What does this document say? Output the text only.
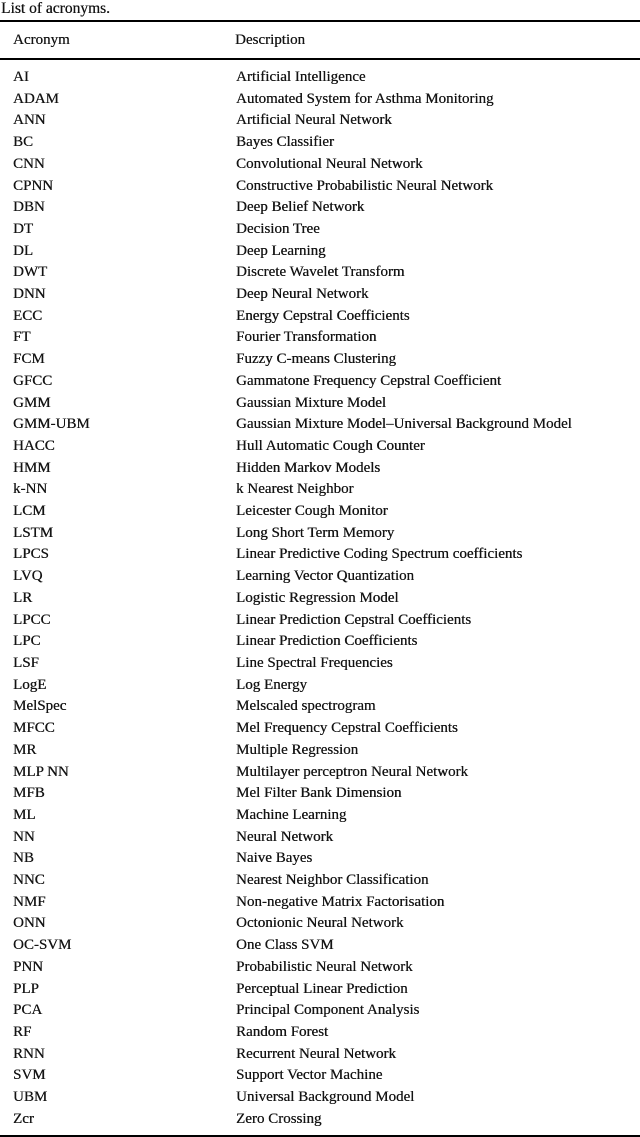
List of acronyms.
Acronym	Description
AI	Artificial Intelligence
ADAM	Automated System for Asthma Monitoring
ANN	Artificial Neural Network
BC	Bayes Classifier
CNN	Convolutional Neural Network
CPNN	Constructive Probabilistic Neural Network
DBN	Deep Belief Network
DT	Decision Tree
DL	Deep Learning
DWT	Discrete Wavelet Transform
DNN	Deep Neural Network
ECC	Energy Cepstral Coefficients
FT	Fourier Transformation
FCM	Fuzzy C-means Clustering
GFCC	Gammatone Frequency Cepstral Coefficient
GMM	Gaussian Mixture Model
GMM-UBM	Gaussian Mixture Model–Universal Background Model
HACC	Hull Automatic Cough Counter
HMM	Hidden Markov Models
k-NN	k Nearest Neighbor
LCM	Leicester Cough Monitor
LSTM	Long Short Term Memory
LPCS	Linear Predictive Coding Spectrum coefficients
LVQ	Learning Vector Quantization
LR	Logistic Regression Model
LPCC	Linear Prediction Cepstral Coefficients
LPC	Linear Prediction Coefficients
LSF	Line Spectral Frequencies
LogE	Log Energy
MelSpec	Melscaled spectrogram
MFCC	Mel Frequency Cepstral Coefficients
MR	Multiple Regression
MLP NN	Multilayer perceptron Neural Network
MFB	Mel Filter Bank Dimension
ML	Machine Learning
NN	Neural Network
NB	Naive Bayes
NNC	Nearest Neighbor Classification
NMF	Non-negative Matrix Factorisation
ONN	Octonionic Neural Network
OC-SVM	One Class SVM
PNN	Probabilistic Neural Network
PLP	Perceptual Linear Prediction
PCA	Principal Component Analysis
RF	Random Forest
RNN	Recurrent Neural Network
SVM	Support Vector Machine
UBM	Universal Background Model
Zcr	Zero Crossing
